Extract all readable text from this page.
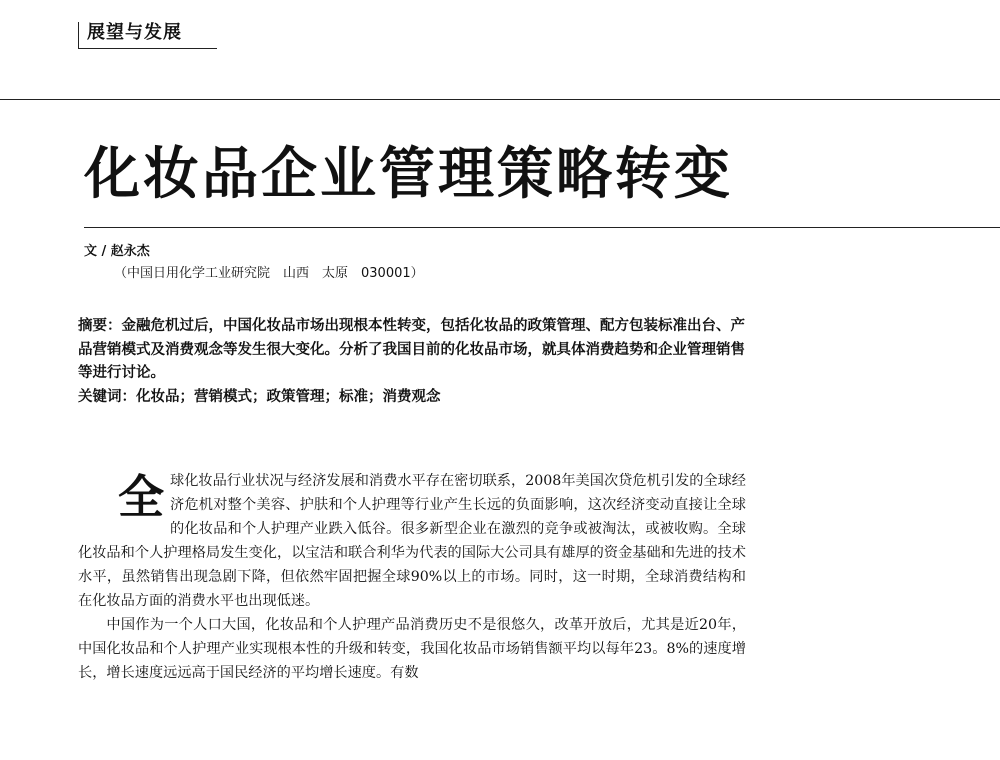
展望与发展
化妆品企业管理策略转变
文 / 赵永杰
（中国日用化学工业研究院　山西　太原　030001）

摘要：金融危机过后，中国化妆品市场出现根本性转变，包括化妆品的政策管理、配方包装标准出台、产品营销模式及消费观念等发生很大变化。分析了我国目前的化妆品市场，就具体消费趋势和企业管理销售等进行讨论。

关键词：化妆品；营销模式；政策管理；标准；消费观念

全球化妆品行业状况与经济发展和消费水平存在密切联系，2008年美国次贷危机引发的全球经济危机对整个美容、护肤和个人护理等行业产生长远的负面影响，这次经济变动直接让全球的化妆品和个人护理产业跌入低谷。很多新型企业在激烈的竞争或被淘汰，或被收购。全球化妆品和个人护理格局发生变化，以宝洁和联合利华为代表的国际大公司具有雄厚的资金基础和先进的技术水平，虽然销售出现急剧下降，但依然牢固把握全球90%以上的市场。同时，这一时期，全球消费结构和在化妆品方面的消费水平也出现低迷。

中国作为一个人口大国，化妆品和个人护理产品消费历史不是很悠久，改革开放后，尤其是近20年，中国化妆品和个人护理产业实现根本性的升级和转变，我国化妆品市场销售额平均以每年23。8%的速度增长，增长速度远远高于国民经济的平均增长速度。有数
